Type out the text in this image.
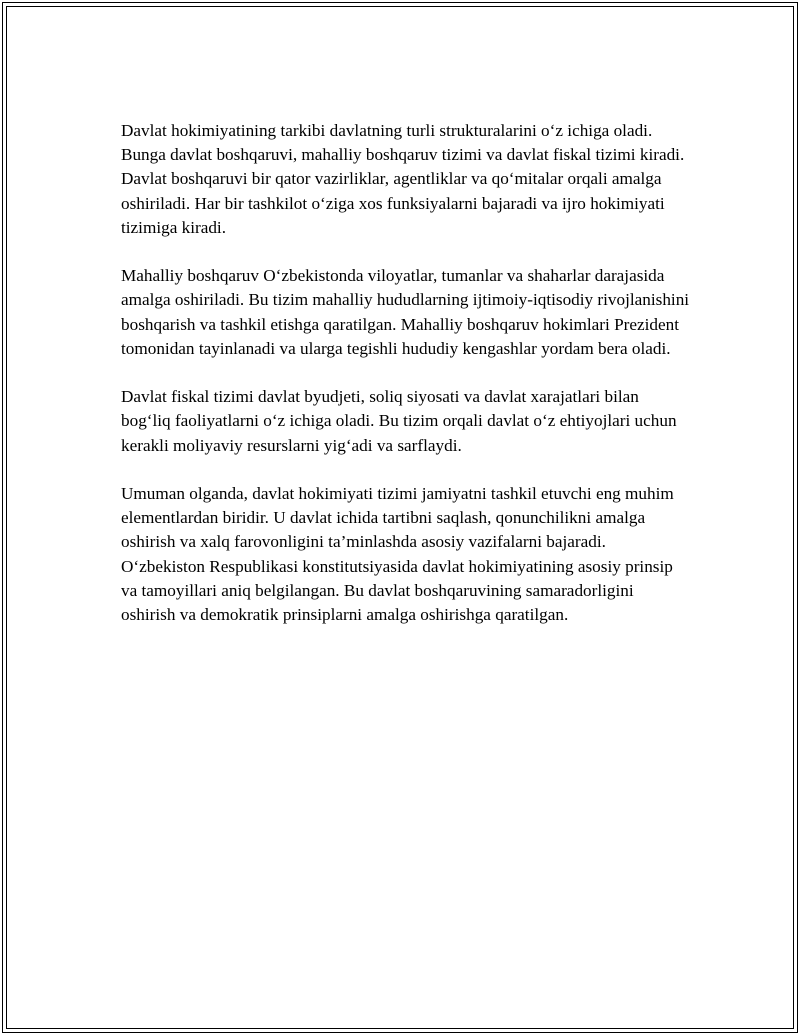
Davlat hokimiyatining tarkibi davlatning turli strukturalarini o‘z ichiga oladi. Bunga davlat boshqaruvi, mahalliy boshqaruv tizimi va davlat fiskal tizimi kiradi. Davlat boshqaruvi bir qator vazirliklar, agentliklar va qo‘mitalar orqali amalga oshiriladi. Har bir tashkilot o‘ziga xos funksiyalarni bajaradi va ijro hokimiyati tizimiga kiradi.

Mahalliy boshqaruv O‘zbekistonda viloyatlar, tumanlar va shaharlar darajasida amalga oshiriladi. Bu tizim mahalliy hududlarning ijtimoiy-iqtisodiy rivojlanishini boshqarish va tashkil etishga qaratilgan. Mahalliy boshqaruv hokimlari Prezident tomonidan tayinlanadi va ularga tegishli hududiy kengashlar yordam bera oladi.

Davlat fiskal tizimi davlat byudjeti, soliq siyosati va davlat xarajatlari bilan bog‘liq faoliyatlarni o‘z ichiga oladi. Bu tizim orqali davlat o‘z ehtiyojlari uchun kerakli moliyaviy resurslarni yig‘adi va sarflaydi.

Umuman olganda, davlat hokimiyati tizimi jamiyatni tashkil etuvchi eng muhim elementlardan biridir. U davlat ichida tartibni saqlash, qonunchilikni amalga oshirish va xalq farovonligini ta’minlashda asosiy vazifalarni bajaradi. O‘zbekiston Respublikasi konstitutsiyasida davlat hokimiyatining asosiy prinsip va tamoyillari aniq belgilangan. Bu davlat boshqaruvining samaradorligini oshirish va demokratik prinsiplarni amalga oshirishga qaratilgan.
